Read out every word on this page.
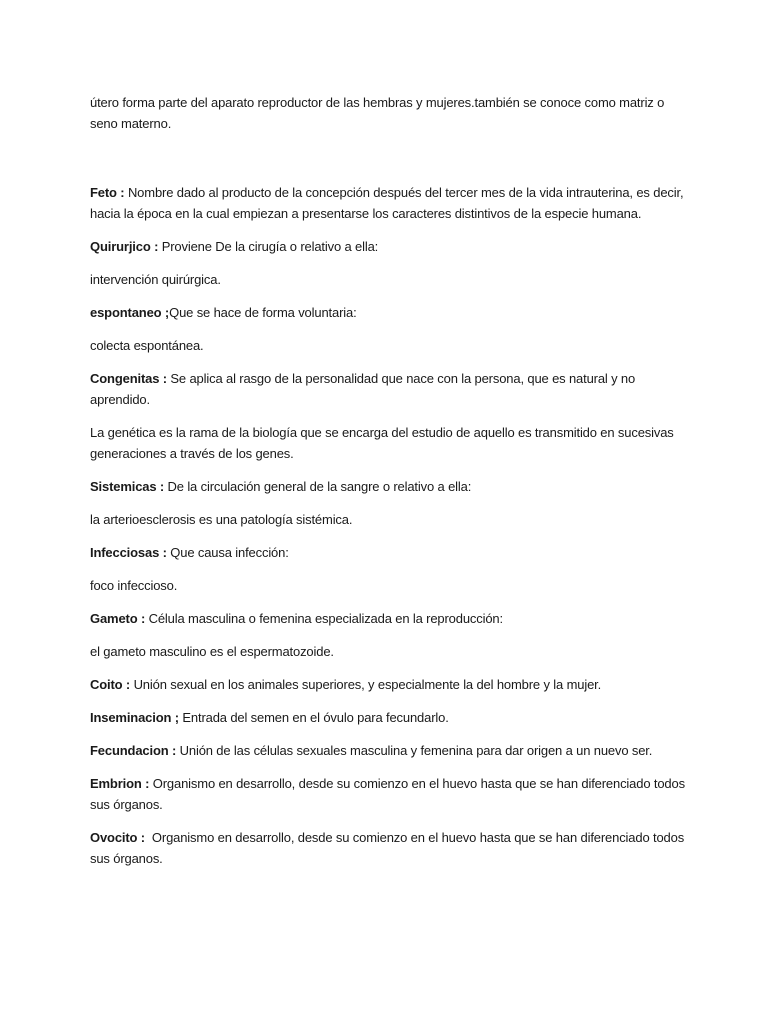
útero forma parte del aparato reproductor de las hembras y mujeres.también se conoce como matriz o seno materno.

Feto : Nombre dado al producto de la concepción después del tercer mes de la vida intrauterina, es decir, hacia la época en la cual empiezan a presentarse los caracteres distintivos de la especie humana.

Quirurjico : Proviene De la cirugía o relativo a ella:

intervención quirúrgica.

espontaneo ;Que se hace de forma voluntaria:

colecta espontánea.

Congenitas : Se aplica al rasgo de la personalidad que nace con la persona, que es natural y no aprendido.

La genética es la rama de la biología que se encarga del estudio de aquello es transmitido en sucesivas generaciones a través de los genes.

Sistemicas : De la circulación general de la sangre o relativo a ella:

la arterioesclerosis es una patología sistémica.

Infecciosas : Que causa infección:

foco infeccioso.

Gameto : Célula masculina o femenina especializada en la reproducción:

el gameto masculino es el espermatozoide.

Coito : Unión sexual en los animales superiores, y especialmente la del hombre y la mujer.

Inseminacion ; Entrada del semen en el óvulo para fecundarlo.

Fecundacion : Unión de las células sexuales masculina y femenina para dar origen a un nuevo ser.

Embrion : Organismo en desarrollo, desde su comienzo en el huevo hasta que se han diferenciado todos sus órganos.

Ovocito :  Organismo en desarrollo, desde su comienzo en el huevo hasta que se han diferenciado todos sus órganos.
